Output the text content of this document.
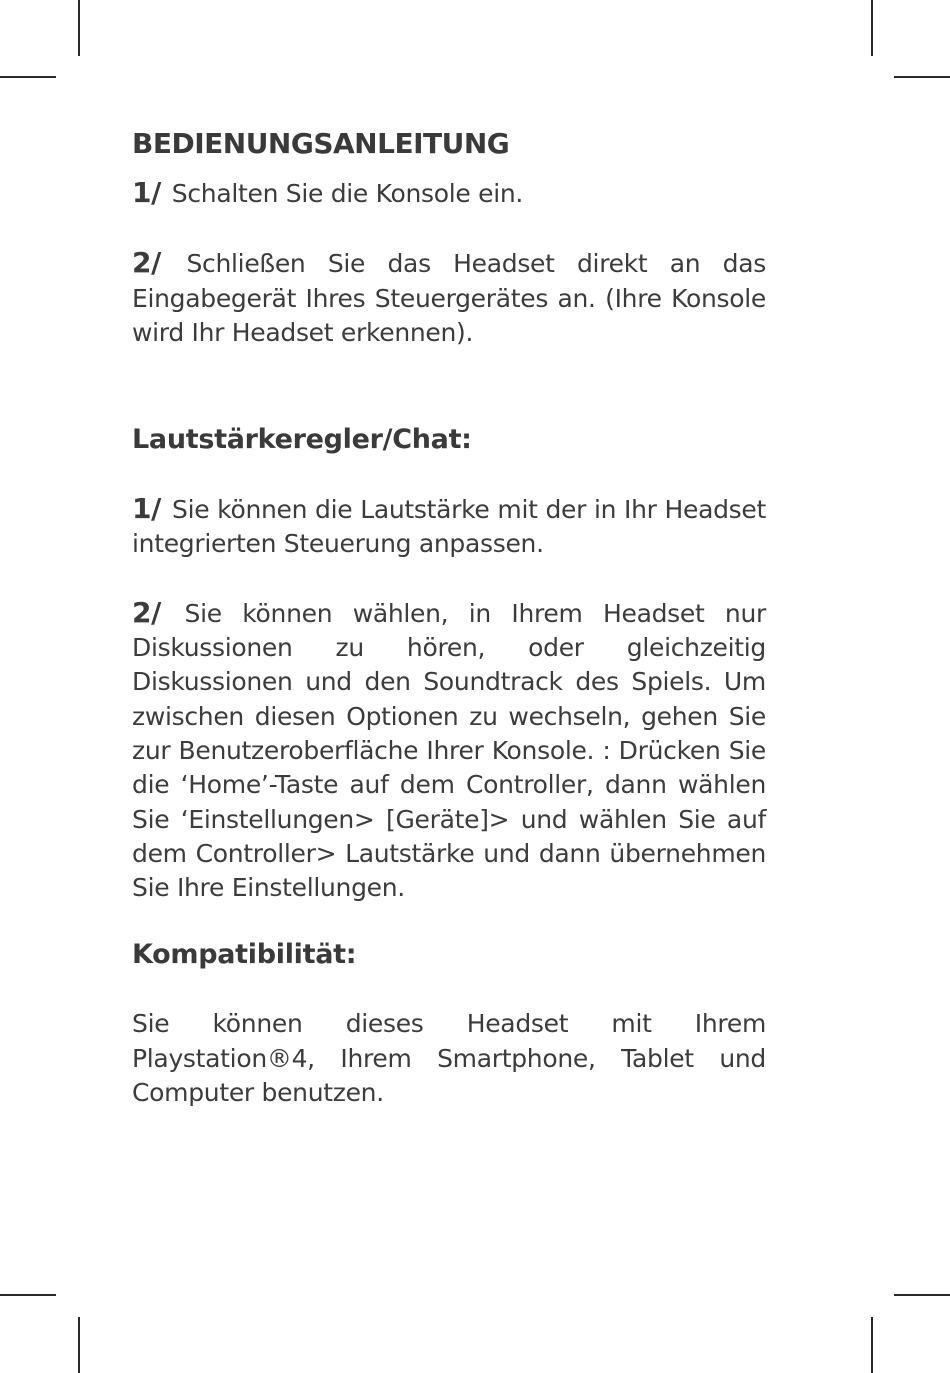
BEDIENUNGSANLEITUNG

1/ Schalten Sie die Konsole ein.

2/ Schließen Sie das Headset direkt an das Eingabegerät Ihres Steuergerätes an. (Ihre Konsole wird Ihr Headset erkennen).

Lautstärkeregler/Chat:

1/ Sie können die Lautstärke mit der in Ihr Headset integrierten Steuerung anpassen.

2/ Sie können wählen, in Ihrem Headset nur Diskussionen zu hören, oder gleichzeitig Diskussionen und den Soundtrack des Spiels. Um zwischen diesen Optionen zu wechseln, gehen Sie zur Benutzeroberfläche Ihrer Konsole. : Drücken Sie die ‘Home’-Taste auf dem Controller, dann wählen Sie ‘Einstellungen> [Geräte]> und wählen Sie auf dem Controller> Lautstärke und dann übernehmen Sie Ihre Einstellungen.

Kompatibilität:

Sie können dieses Headset mit Ihrem Playstation®4, Ihrem Smartphone, Tablet und Computer benutzen.
